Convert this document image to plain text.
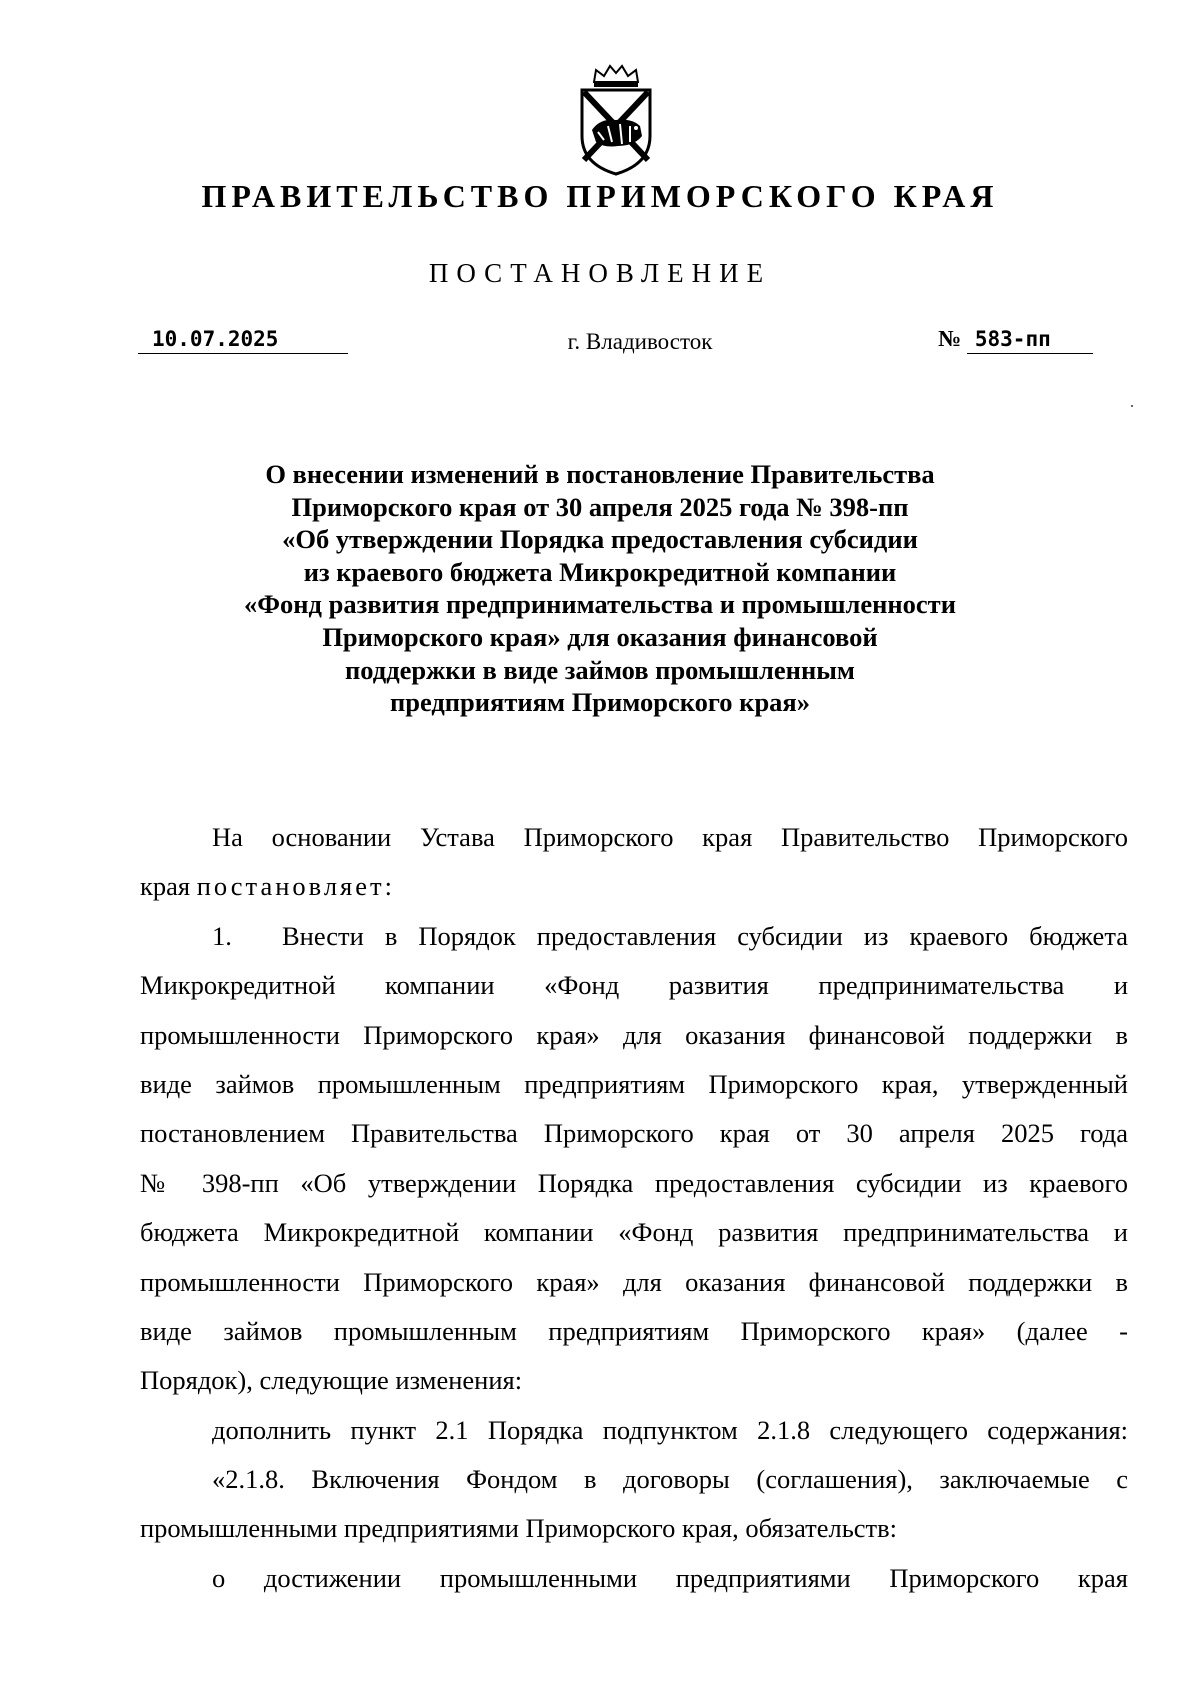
ПРАВИТЕЛЬСТВО ПРИМОРСКОГО КРАЯ
ПОСТАНОВЛЕНИЕ
10.07.2025	г. Владивосток	№ 583-пп
О внесении изменений в постановление Правительства
Приморского края от 30 апреля 2025 года № 398-пп
«Об утверждении Порядка предоставления субсидии
из краевого бюджета Микрокредитной компании
«Фонд развития предпринимательства и промышленности
Приморского края» для оказания финансовой
поддержки в виде займов промышленным
предприятиям Приморского края»
На основании Устава Приморского края Правительство Приморского
края постановляет:
1.	Внести в Порядок предоставления субсидии из краевого бюджета
Микрокредитной компании «Фонд развития предпринимательства и
промышленности Приморского края» для оказания финансовой поддержки в
виде займов промышленным предприятиям Приморского края, утвержденный
постановлением Правительства Приморского края от 30 апреля 2025 года
№ 398-пп «Об утверждении Порядка предоставления субсидии из краевого
бюджета Микрокредитной компании «Фонд развития предпринимательства и
промышленности Приморского края» для оказания финансовой поддержки в
виде займов промышленным предприятиям Приморского края» (далее -
Порядок), следующие изменения:
дополнить пункт 2.1 Порядка подпунктом 2.1.8 следующего содержания:
«2.1.8. Включения Фондом в договоры (соглашения), заключаемые с
промышленными предприятиями Приморского края, обязательств:
о достижении промышленными предприятиями Приморского края
